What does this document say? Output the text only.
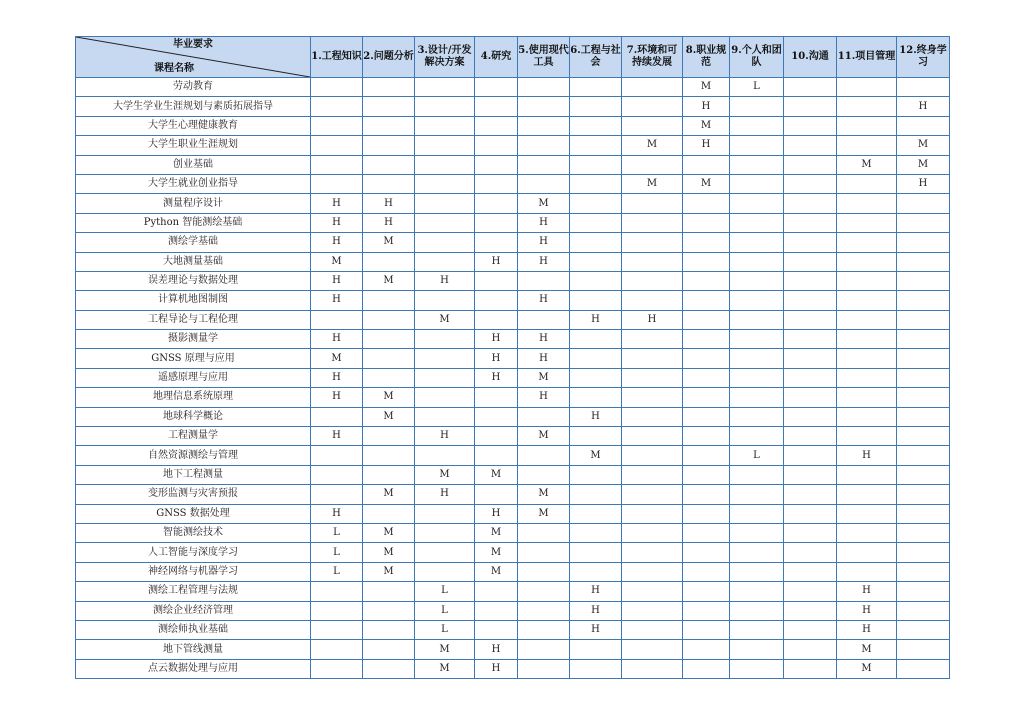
毕业要求
课程名称	1.工程知识	2.问题分析	3.设计/开发解决方案	4.研究	5.使用现代工具	6.工程与社会	7.环境和可持续发展	8.职业规范	9.个人和团队	10.沟通	11.项目管理	12.终身学习
劳动教育								M	L			
大学生学业生涯规划与素质拓展指导								H				H
大学生心理健康教育								M				
大学生职业生涯规划							M	H				M
创业基础											M	M
大学生就业创业指导							M	M				H
测量程序设计	H	H			M							
Python 智能测绘基础	H	H			H							
测绘学基础	H	M			H							
大地测量基础	M			H	H							
误差理论与数据处理	H	M	H									
计算机地图制图	H				H							
工程导论与工程伦理			M			H	H					
摄影测量学	H			H	H							
GNSS 原理与应用	M			H	H							
遥感原理与应用	H			H	M							
地理信息系统原理	H	M			H							
地球科学概论		M				H						
工程测量学	H		H		M							
自然资源测绘与管理						M			L		H	
地下工程测量			M	M								
变形监测与灾害预报		M	H		M							
GNSS 数据处理	H			H	M							
智能测绘技术	L	M		M								
人工智能与深度学习	L	M		M								
神经网络与机器学习	L	M		M								
测绘工程管理与法规			L			H					H	
测绘企业经济管理			L			H					H	
测绘师执业基础			L			H					H	
地下管线测量			M	H							M	
点云数据处理与应用			M	H							M	
